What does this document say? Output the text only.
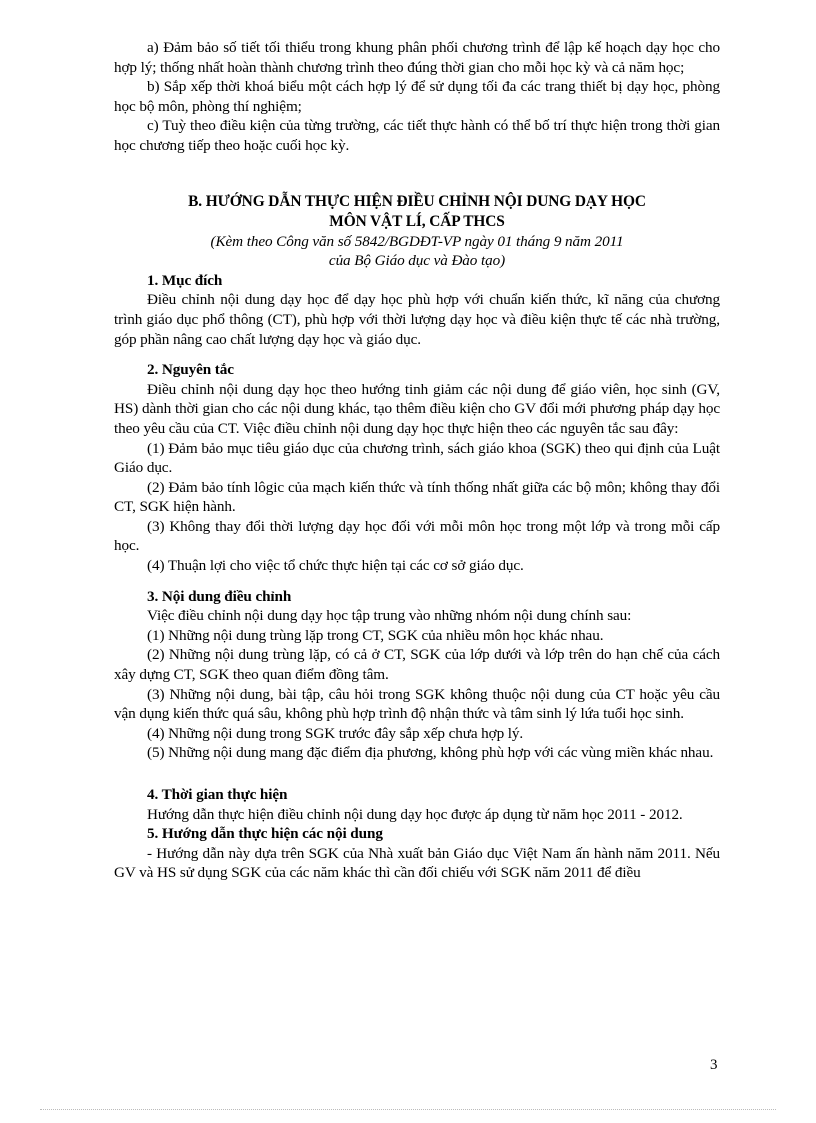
a) Đảm bảo số tiết tối thiểu trong khung phân phối chương trình để lập kế hoạch dạy học cho hợp lý; thống nhất hoàn thành chương trình theo đúng thời gian cho mỗi học kỳ và cả năm học;

b) Sắp xếp thời khoá biểu một cách hợp lý để sử dụng tối đa các trang thiết bị dạy học, phòng học bộ môn, phòng thí nghiệm;

c) Tuỳ theo điều kiện của từng trường, các tiết thực hành có thể bố trí thực hiện trong thời gian học chương tiếp theo hoặc cuối học kỳ.

B. HƯỚNG DẪN THỰC HIỆN ĐIỀU CHỈNH NỘI DUNG DẠY HỌC

MÔN VẬT LÍ, CẤP THCS

(Kèm theo Công văn số 5842/BGDĐT-VP ngày 01 tháng 9 năm 2011

của Bộ Giáo dục và Đào tạo)

1. Mục đích

Điều chỉnh nội dung dạy học để dạy học phù hợp với chuẩn kiến thức, kĩ năng của chương trình giáo dục phổ thông (CT), phù hợp với thời lượng dạy học và điều kiện thực tế các nhà trường, góp phần nâng cao chất lượng dạy học và giáo dục.

2. Nguyên tắc

Điều chỉnh nội dung dạy học theo hướng tinh giảm các nội dung để giáo viên, học sinh (GV, HS) dành thời gian cho các nội dung khác, tạo thêm điều kiện cho GV đổi mới phương pháp dạy học theo yêu cầu của CT. Việc điều chỉnh nội dung dạy học thực hiện theo các nguyên tắc sau đây:

(1) Đảm bảo mục tiêu giáo dục của chương trình, sách giáo khoa (SGK) theo qui định của Luật Giáo dục.

(2) Đảm bảo tính lôgic của mạch kiến thức và tính thống nhất giữa các bộ môn; không thay đổi CT, SGK hiện hành.

(3) Không thay đổi thời lượng dạy học đối với mỗi môn học trong một lớp và trong mỗi cấp học.

(4) Thuận lợi cho việc tổ chức thực hiện tại các cơ sở giáo dục.

3. Nội dung điều chỉnh

Việc điều chỉnh nội dung dạy học tập trung vào những nhóm nội dung chính sau:

(1) Những nội dung trùng lặp trong CT, SGK của nhiều môn học khác nhau.

(2) Những nội dung trùng lặp, có cả ở CT, SGK của lớp dưới và lớp trên do hạn chế của cách xây dựng CT, SGK theo quan điểm đồng tâm.

(3) Những nội dung, bài tập, câu hỏi trong SGK không thuộc nội dung của CT hoặc yêu cầu vận dụng kiến thức quá sâu, không phù hợp trình độ nhận thức và tâm sinh lý lứa tuổi học sinh.

(4) Những nội dung trong SGK trước đây sắp xếp chưa hợp lý.

(5) Những nội dung mang đặc điểm địa phương, không phù hợp với các vùng miền khác nhau.

4. Thời gian thực hiện

Hướng dẫn thực hiện điều chỉnh nội dung dạy học được áp dụng từ năm học 2011 - 2012.

5. Hướng dẫn thực hiện các nội dung

- Hướng dẫn này dựa trên SGK của Nhà xuất bản Giáo dục Việt Nam ấn hành năm 2011. Nếu GV và HS sử dụng SGK của các năm khác thì cần đối chiếu với SGK năm 2011 để điều

3
